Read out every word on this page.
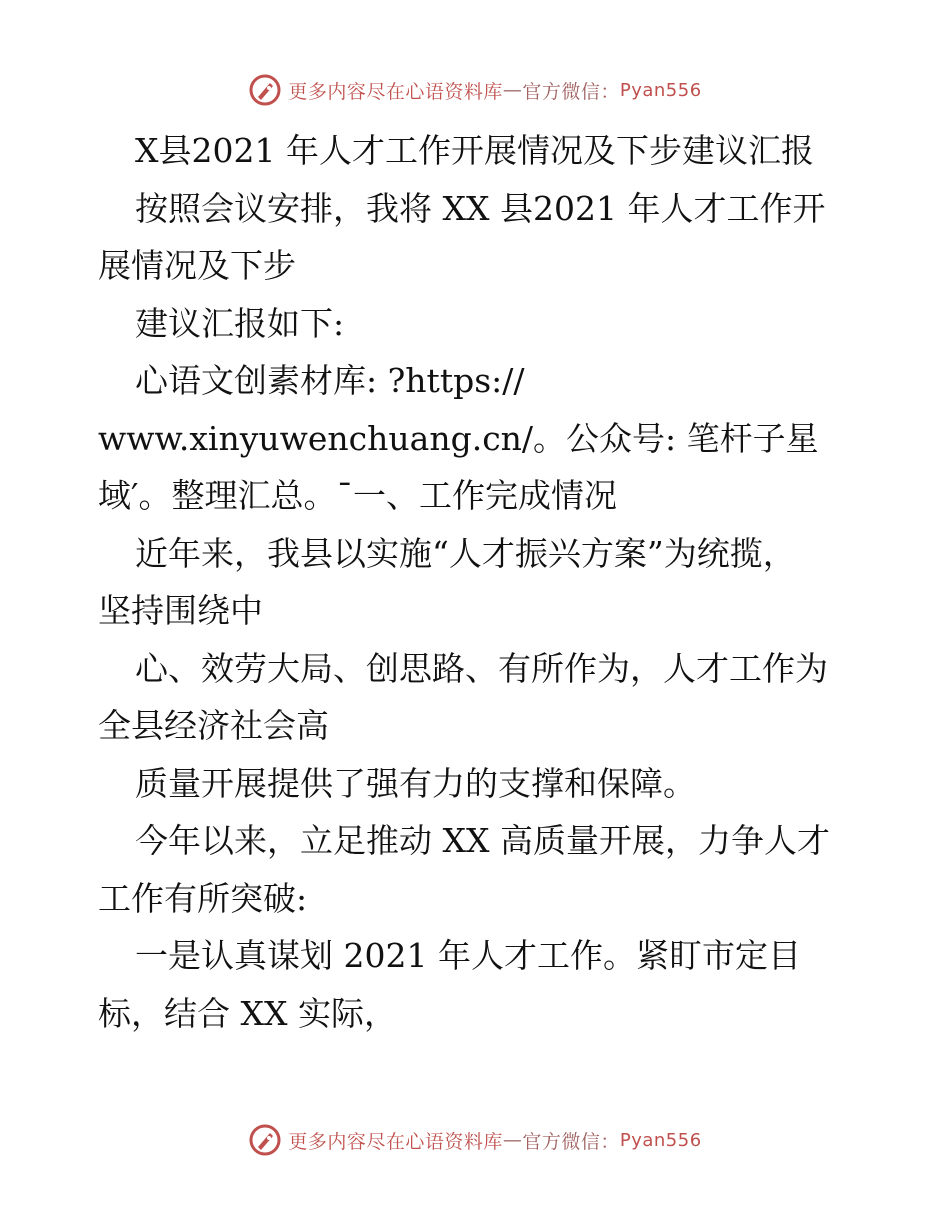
更多内容尽在心语资料库 — 官方微信： Pyan556
X县2021 年人才工作开展情况及下步建议汇报
按照会议安排，我将 XX 县2021 年人才工作开
展情况及下步
建议汇报如下:
心语文创素材库: ?https://
www.xinyuwenchuang.cn/。公众号: 笔杆子星
域′。整理汇总。¯一、工作完成情况
近年来，我县以实施“人才振兴方案”为统揽，
坚持围绕中
心、效劳大局、创思路、有所作为，人才工作为
全县经济社会高
质量开展提供了强有力的支撑和保障。
今年以来，立足推动 XX 高质量开展，力争人才
工作有所突破:
一是认真谋划 2021 年人才工作。紧盯市定目
标，结合 XX 实际，
更多内容尽在心语资料库 — 官方微信： Pyan556
